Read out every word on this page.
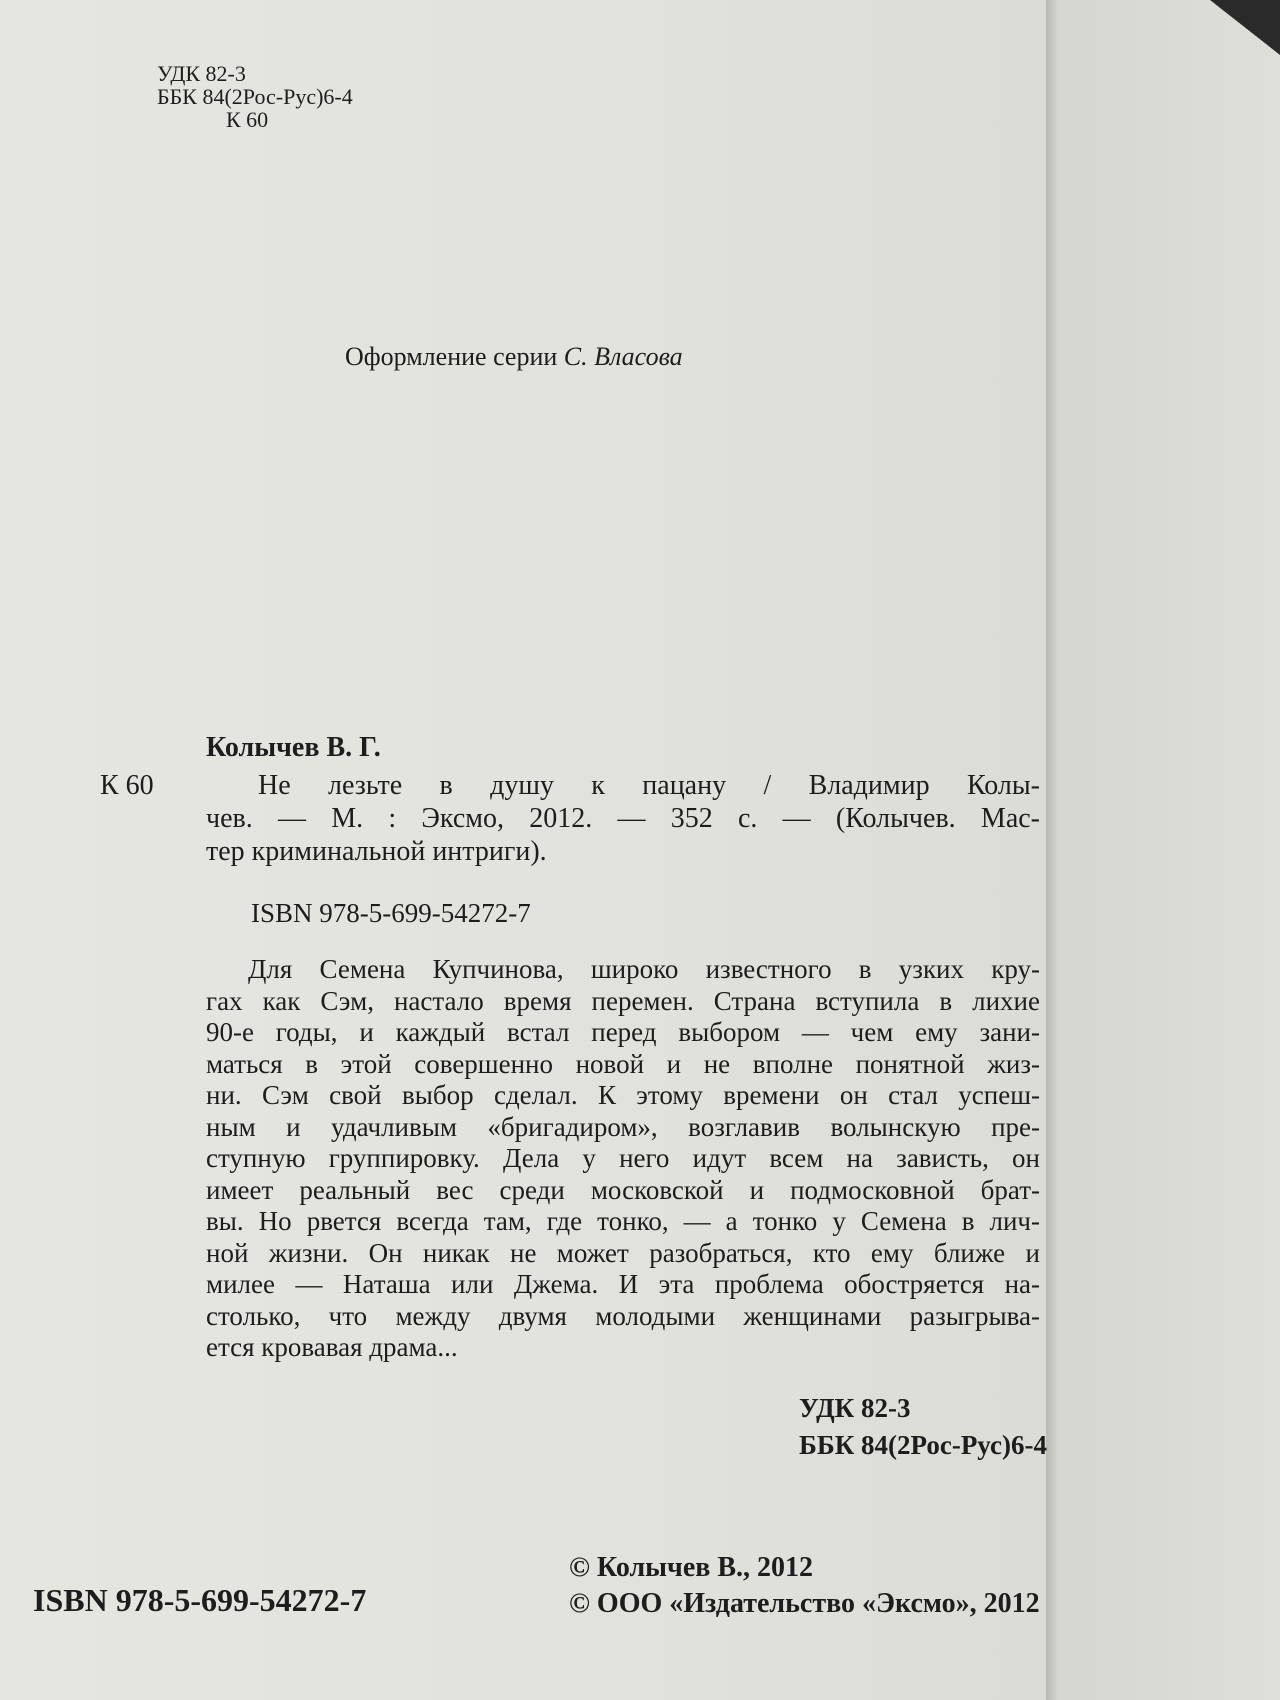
УДК 82-3
ББК 84(2Рос-Рус)6-4
К 60
Оформление серии С. Власова
Колычев В. Г.
К 60	Не лезьте в душу к пацану / Владимир Колы-
чев. — М. : Эксмо, 2012. — 352 с. — (Колычев. Мас-
тер криминальной интриги).
ISBN 978-5-699-54272-7
Для Семена Купчинова, широко известного в узких кру-
гах как Сэм, настало время перемен. Страна вступила в лихие
90-е годы, и каждый встал перед выбором — чем ему зани-
маться в этой совершенно новой и не вполне понятной жиз-
ни. Сэм свой выбор сделал. К этому времени он стал успеш-
ным и удачливым «бригадиром», возглавив волынскую пре-
ступную группировку. Дела у него идут всем на зависть, он
имеет реальный вес среди московской и подмосковной брат-
вы. Но рвется всегда там, где тонко, — а тонко у Семена в лич-
ной жизни. Он никак не может разобраться, кто ему ближе и
милее — Наташа или Джема. И эта проблема обостряется на-
столько, что между двумя молодыми женщинами разыгрыва-
ется кровавая драма...
УДК 82-3
ББК 84(2Рос-Рус)6-4
ISBN 978-5-699-54272-7
© Колычев В., 2012
© ООО «Издательство «Эксмо», 2012
